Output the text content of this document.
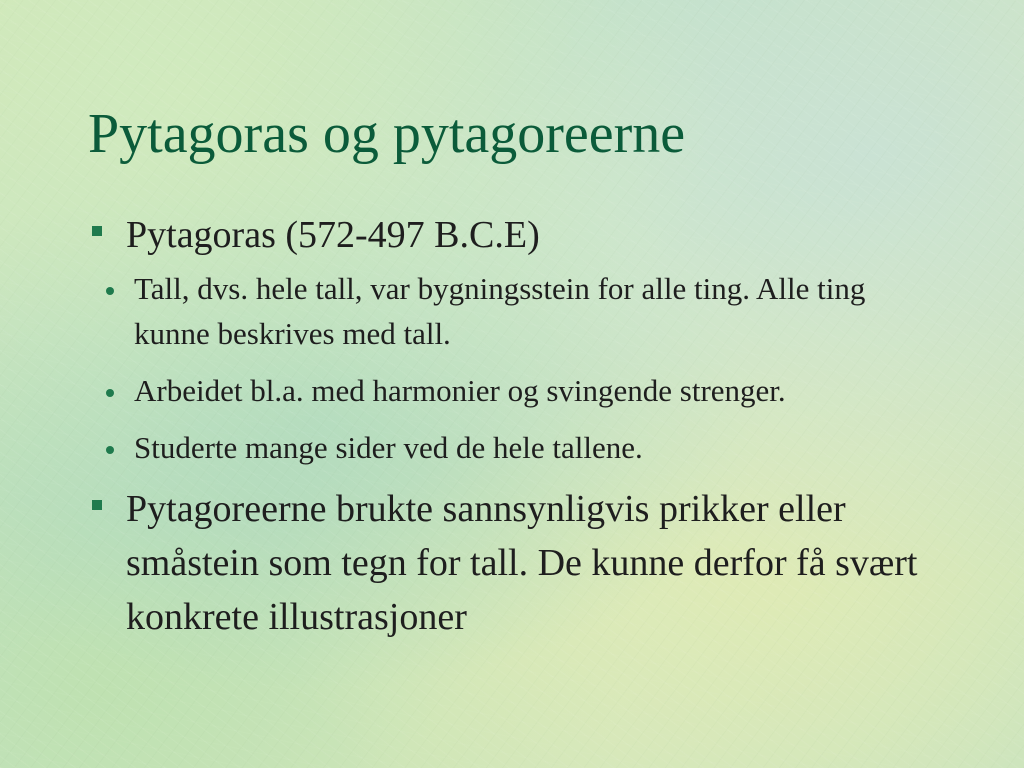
Pytagoras og pytagoreerne
Pytagoras (572-497 B.C.E)
Tall, dvs. hele tall, var bygningsstein for alle ting. Alle ting kunne beskrives med tall.
Arbeidet bl.a. med harmonier og svingende strenger.
Studerte mange sider ved de hele tallene.
Pytagoreerne brukte sannsynligvis prikker eller småstein som tegn for tall. De kunne derfor få svært konkrete illustrasjoner
